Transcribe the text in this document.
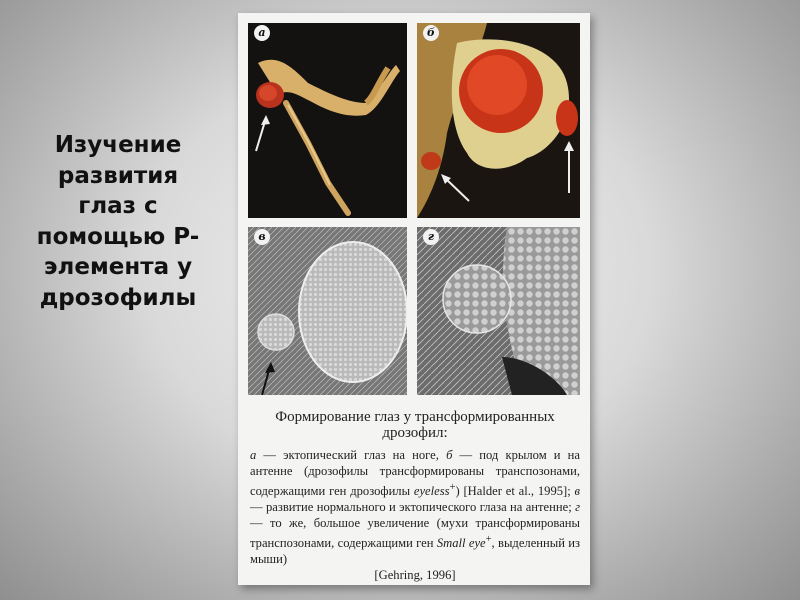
Изучение развития глаз с помощью P-элемента у дрозофилы
а	б
в	г
Формирование глаз у трансформированных дрозофил:
а — эктопический глаз на ноге, б — под крылом и на антенне (дрозофилы трансформированы транспозонами, содержащими ген дрозофилы eyeless+) [Halder et al., 1995]; в — развитие нормального и эктопического глаза на антенне; г — то же, большое увеличение (мухи трансформированы транспозонами, содержащими ген Small eye+, выделенный из мыши)
[Gehring, 1996]
